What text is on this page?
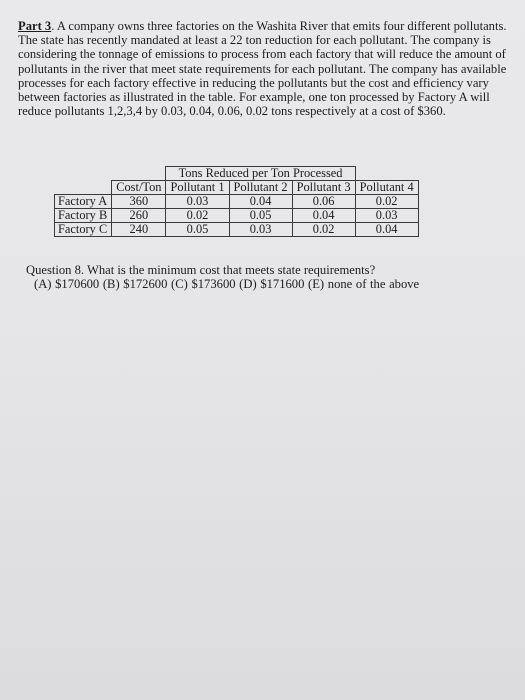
Part 3. A company owns three factories on the Washita River that emits four different pollutants. The state has recently mandated at least a 22 ton reduction for each pollutant. The company is considering the tonnage of emissions to process from each factory that will reduce the amount of pollutants in the river that meet state requirements for each pollutant. The company has available processes for each factory effective in reducing the pollutants but the cost and efficiency vary between factories as illustrated in the table. For example, one ton processed by Factory A will reduce pollutants 1,2,3,4 by 0.03, 0.04, 0.06, 0.02 tons respectively at a cost of $360.
		Tons Reduced per Ton Processed			
	Cost/Ton	Pollutant 1	Pollutant 2	Pollutant 3	Pollutant 4
Factory A	360	0.03	0.04	0.06	0.02
Factory B	260	0.02	0.05	0.04	0.03
Factory C	240	0.05	0.03	0.02	0.04
Question 8. What is the minimum cost that meets state requirements?
(A) $170600 (B) $172600 (C) $173600 (D) $171600 (E) none of the above
